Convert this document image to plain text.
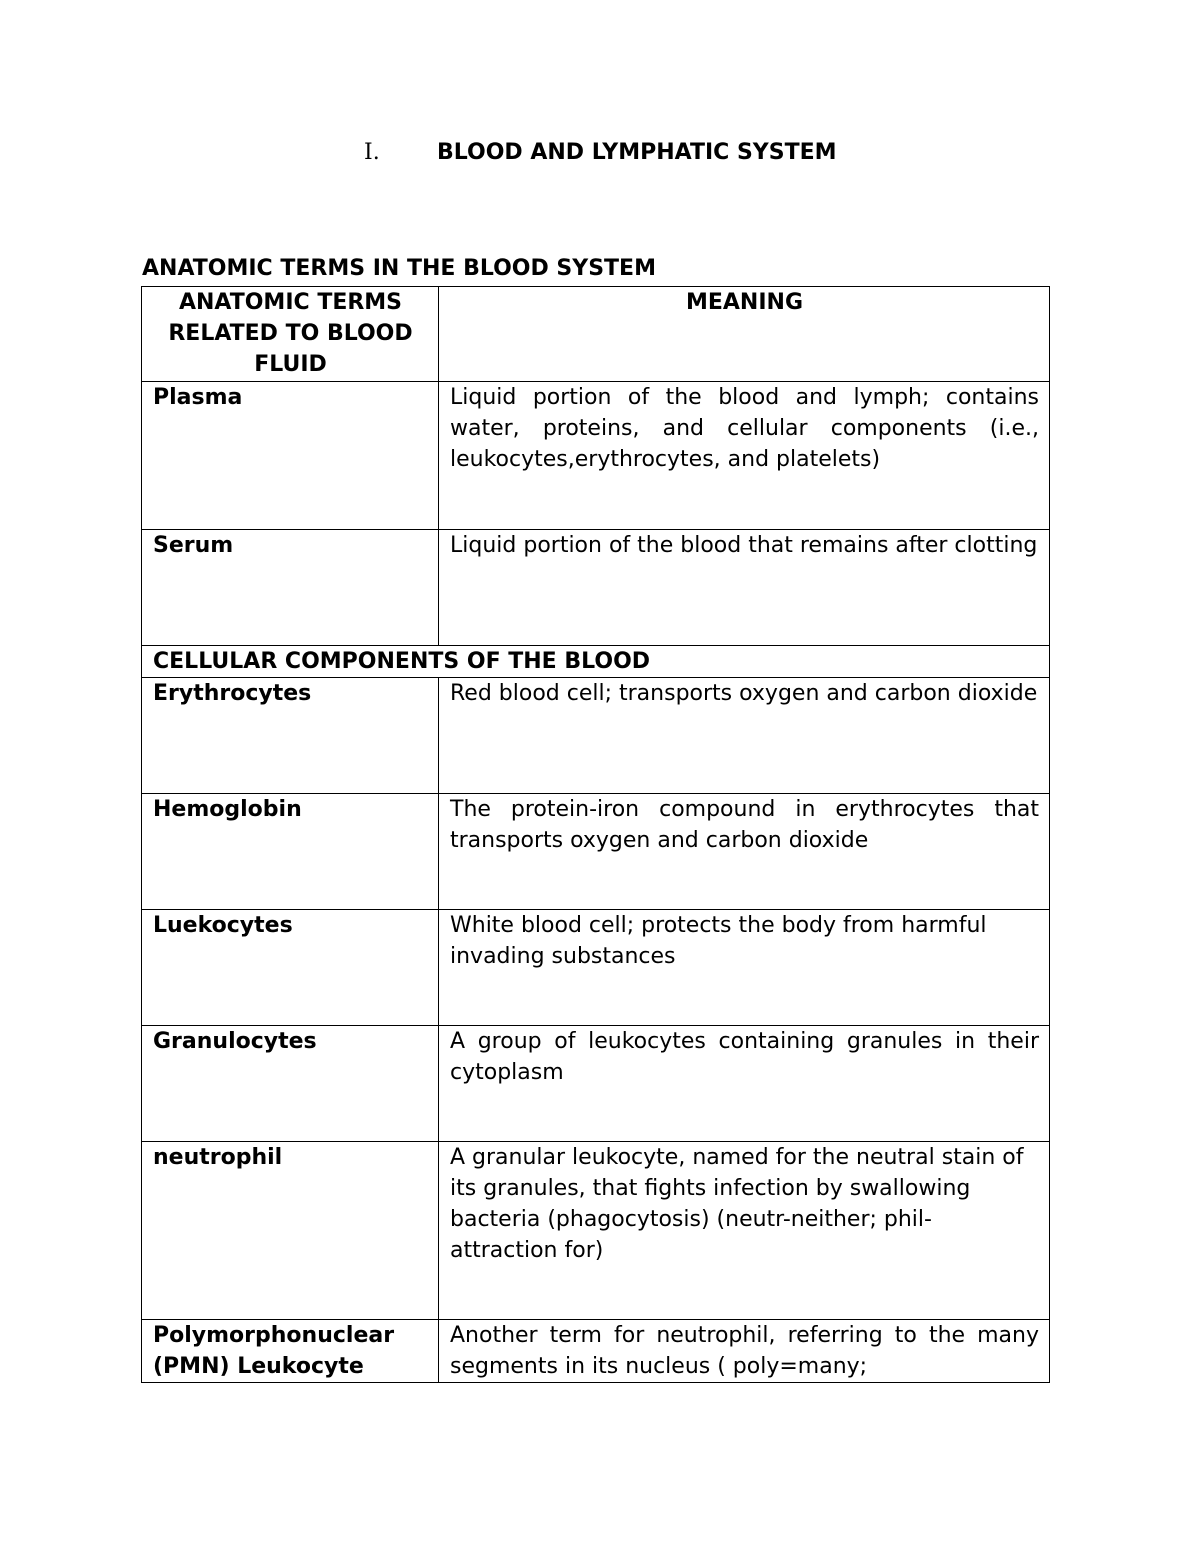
I.	BLOOD AND LYMPHATIC SYSTEM
ANATOMIC TERMS IN THE BLOOD SYSTEM
ANATOMIC TERMS RELATED TO BLOOD FLUID	MEANING
Plasma	Liquid portion of the blood and lymph; contains water, proteins, and cellular components (i.e., leukocytes,erythrocytes, and platelets)
Serum	Liquid portion of the blood that remains after clotting
CELLULAR COMPONENTS OF THE BLOOD	
Erythrocytes	Red blood cell; transports oxygen and carbon dioxide
Hemoglobin	The protein-iron compound in erythrocytes that transports oxygen and carbon dioxide
Luekocytes	White blood cell; protects the body from harmful invading substances
Granulocytes	A group of leukocytes containing granules in their cytoplasm
neutrophil	A granular leukocyte, named for the neutral stain of its granules, that fights infection by swallowing bacteria (phagocytosis) (neutr-neither; phil-attraction for)
Polymorphonuclear (PMN) Leukocyte	Another term for neutrophil, referring to the many segments in its nucleus ( poly=many;
